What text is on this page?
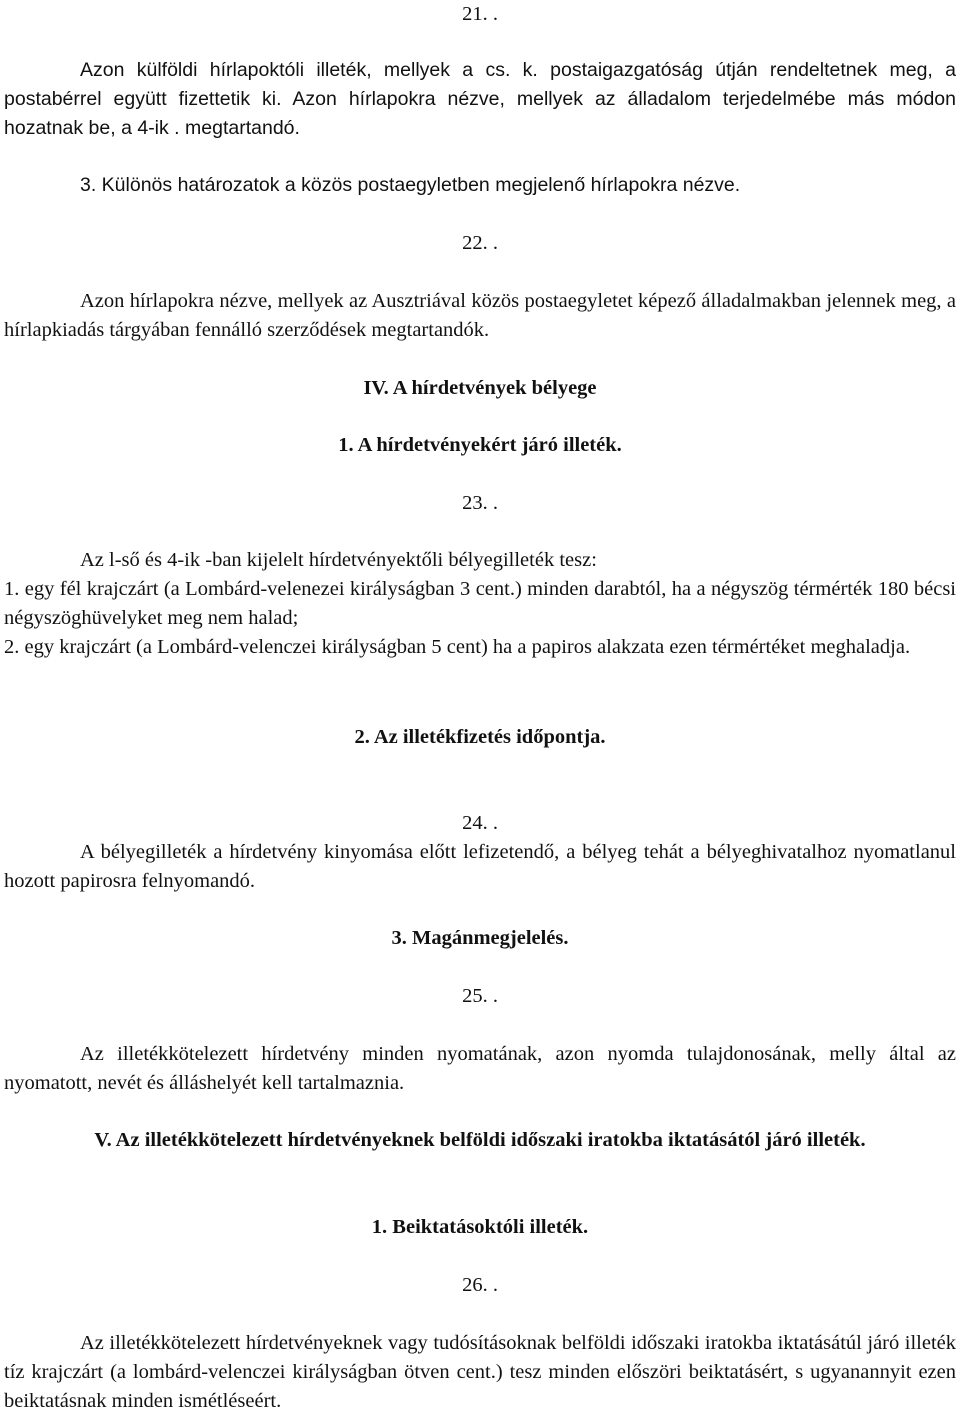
21. .

Azon külföldi hírlapoktóli illeték, mellyek a cs. k. postaigazgatóság útján rendeltetnek meg, a postabérrel együtt fizettetik ki. Azon hírlapokra nézve, mellyek az álladalom terjedelmébe más módon hozatnak be, a 4-ik . megtartandó.

3. Különös határozatok a közös postaegyletben megjelenő hírlapokra nézve.

22. .

Azon hírlapokra nézve, mellyek az Ausztriával közös postaegyletet képező álladalmakban jelennek meg, a hírlapkiadás tárgyában fennálló szerződések megtartandók.

IV. A hírdetvények bélyege

1. A hírdetvényekért járó illeték.

23. .

Az l-ső és 4-ik -ban kijelelt hírdetvényektőli bélyegilleték tesz:

1. egy fél krajczárt (a Lombárd-velenezei királyságban 3 cent.) minden darabtól, ha a négyszög térmérték 180 bécsi négyszöghüvelyket meg nem halad;

2. egy krajczárt (a Lombárd-velenczei királyságban 5 cent) ha a papiros alakzata ezen térmértéket meghaladja.

2. Az illetékfizetés időpontja.

24. .

A bélyegilleték a hírdetvény kinyomása előtt lefizetendő, a bélyeg tehát a bélyeghivatalhoz nyomatlanul hozott papirosra felnyomandó.

3. Magánmegjelelés.

25. .

Az illetékkötelezett hírdetvény minden nyomatának, azon nyomda tulajdonosának, melly által az nyomatott, nevét és álláshelyét kell tartalmaznia.

V. Az illetékkötelezett hírdetvényeknek belföldi időszaki iratokba iktatásától járó illeték.

1. Beiktatásoktóli illeték.

26. .

Az illetékkötelezett hírdetvényeknek vagy tudósításoknak belföldi időszaki iratokba iktatásátúl járó illeték tíz krajczárt (a lombárd-velenczei királyságban ötven cent.) tesz minden előszöri beiktatásért, s ugyanannyit ezen beiktatásnak minden ismétléseért.
